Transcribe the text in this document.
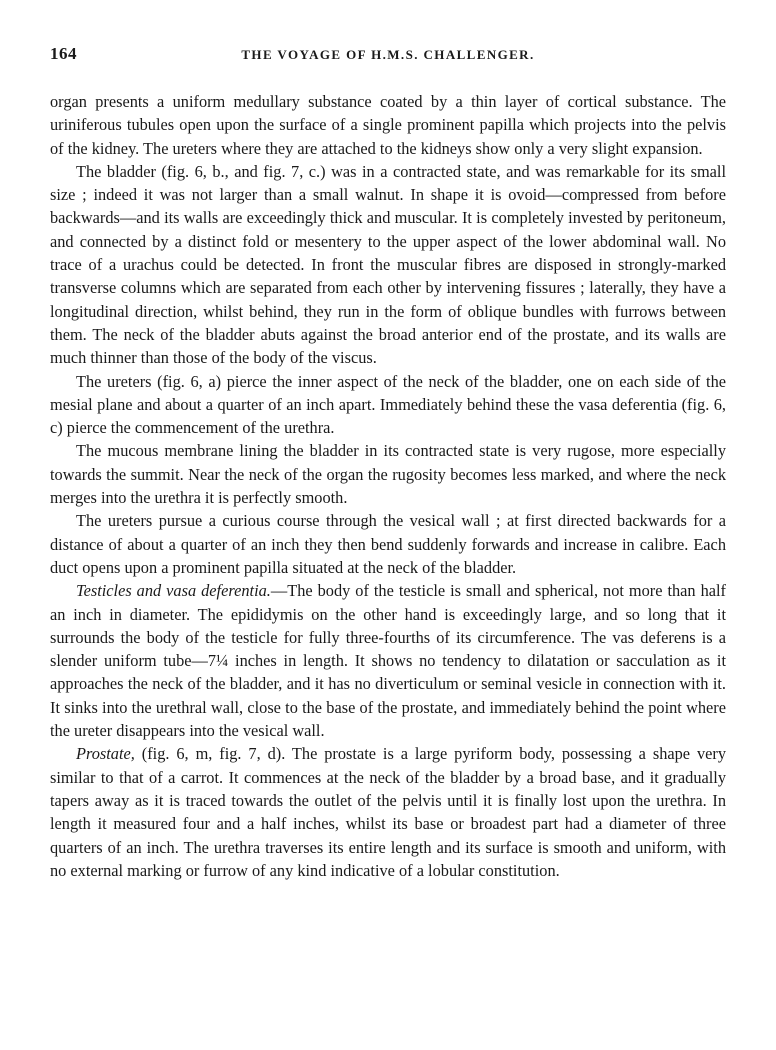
164	THE VOYAGE OF H.M.S. CHALLENGER.

organ presents a uniform medullary substance coated by a thin layer of cortical substance. The uriniferous tubules open upon the surface of a single prominent papilla which projects into the pelvis of the kidney. The ureters where they are attached to the kidneys show only a very slight expansion.

The bladder (fig. 6, b., and fig. 7, c.) was in a contracted state, and was remarkable for its small size ; indeed it was not larger than a small walnut. In shape it is ovoid—compressed from before backwards—and its walls are exceedingly thick and muscular. It is completely invested by peritoneum, and connected by a distinct fold or mesentery to the upper aspect of the lower abdominal wall. No trace of a urachus could be detected. In front the muscular fibres are disposed in strongly-marked transverse columns which are separated from each other by intervening fissures ; laterally, they have a longitudinal direction, whilst behind, they run in the form of oblique bundles with furrows between them. The neck of the bladder abuts against the broad anterior end of the prostate, and its walls are much thinner than those of the body of the viscus.

The ureters (fig. 6, a) pierce the inner aspect of the neck of the bladder, one on each side of the mesial plane and about a quarter of an inch apart. Immediately behind these the vasa deferentia (fig. 6, c) pierce the commencement of the urethra.

The mucous membrane lining the bladder in its contracted state is very rugose, more especially towards the summit. Near the neck of the organ the rugosity becomes less marked, and where the neck merges into the urethra it is perfectly smooth.

The ureters pursue a curious course through the vesical wall ; at first directed backwards for a distance of about a quarter of an inch they then bend suddenly forwards and increase in calibre. Each duct opens upon a prominent papilla situated at the neck of the bladder.

Testicles and vasa deferentia.—The body of the testicle is small and spherical, not more than half an inch in diameter. The epididymis on the other hand is exceedingly large, and so long that it surrounds the body of the testicle for fully three-fourths of its circumference. The vas deferens is a slender uniform tube—7¼ inches in length. It shows no tendency to dilatation or sacculation as it approaches the neck of the bladder, and it has no diverticulum or seminal vesicle in connection with it. It sinks into the urethral wall, close to the base of the prostate, and immediately behind the point where the ureter disappears into the vesical wall.

Prostate, (fig. 6, m, fig. 7, d). The prostate is a large pyriform body, possessing a shape very similar to that of a carrot. It commences at the neck of the bladder by a broad base, and it gradually tapers away as it is traced towards the outlet of the pelvis until it is finally lost upon the urethra. In length it measured four and a half inches, whilst its base or broadest part had a diameter of three quarters of an inch. The urethra traverses its entire length and its surface is smooth and uniform, with no external marking or furrow of any kind indicative of a lobular constitution.
